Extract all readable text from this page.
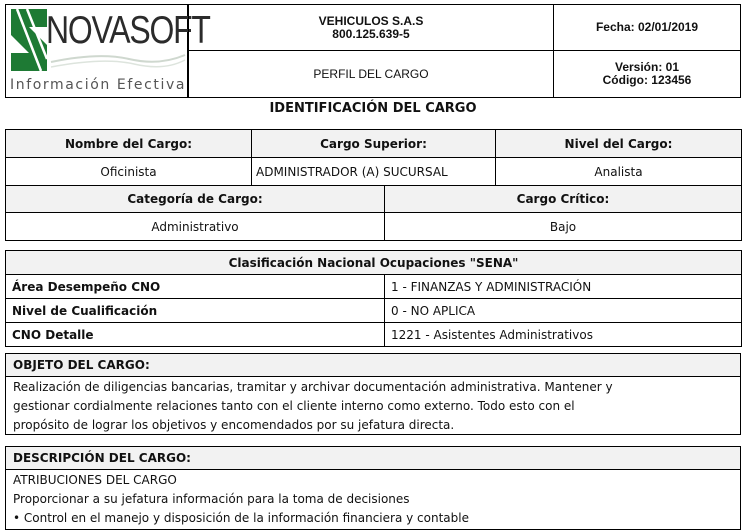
NOVASOFT
Información Efectiva
VEHICULOS S.A.S
800.125.639-5
PERFIL DEL CARGO
Fecha: 02/01/2019
Versión: 01
Código: 123456
IDENTIFICACIÓN DEL CARGO
Nombre del Cargo:	Cargo Superior:		Nivel del Cargo:
Oficinista	ADMINISTRADOR (A) SUCURSAL		Analista
Categoría de Cargo:		Cargo Crítico:	
Administrativo		Bajo	
Clasificación Nacional Ocupaciones "SENA"	
Área Desempeño CNO	1 - FINANZAS Y ADMINISTRACIÓN
Nivel de Cualificación	0 - NO APLICA
CNO Detalle	1221 - Asistentes Administrativos
OBJETO DEL CARGO:
Realización de diligencias bancarias, tramitar y archivar documentación administrativa. Mantener y
gestionar cordialmente relaciones tanto con el cliente interno como externo. Todo esto con el
propósito de lograr los objetivos y encomendados por su jefatura directa.
DESCRIPCIÓN DEL CARGO:
ATRIBUCIONES DEL CARGO
Proporcionar a su jefatura información para la toma de decisiones
• Control en el manejo y disposición de la información financiera y contable
